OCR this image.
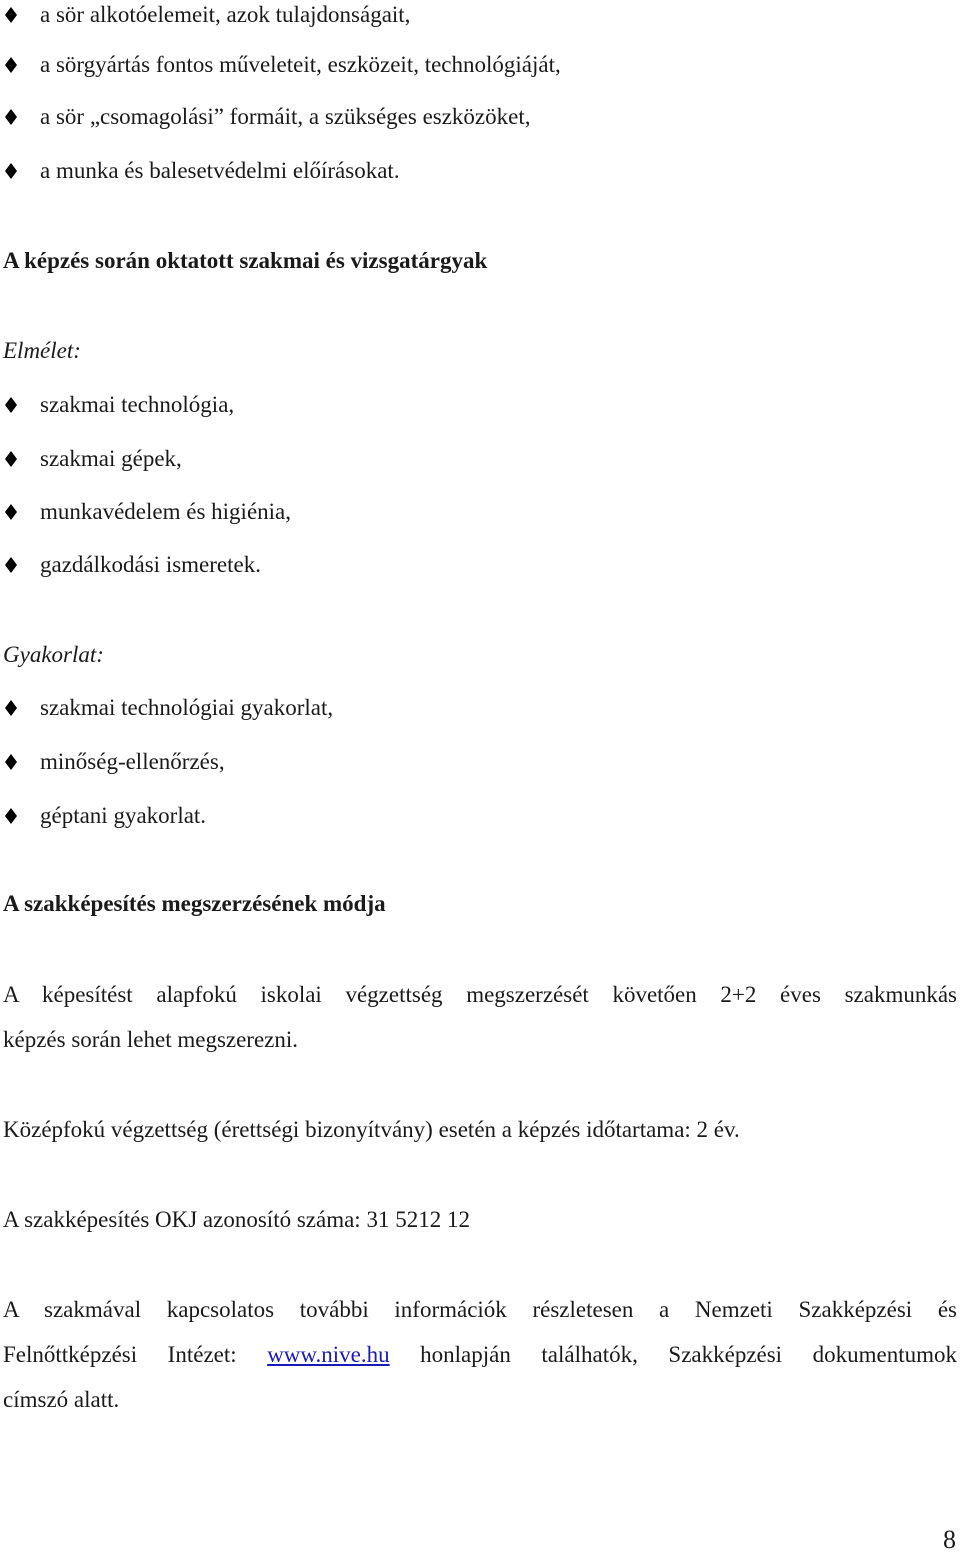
a sör alkotóelemeit, azok tulajdonságait,
a sörgyártás fontos műveleteit, eszközeit, technológiáját,
a sör „csomagolási” formáit, a szükséges eszközöket,
a munka és balesetvédelmi előírásokat.
A képzés során oktatott szakmai és vizsgatárgyak
Elmélet:
szakmai technológia,
szakmai gépek,
munkavédelem és higiénia,
gazdálkodási ismeretek.
Gyakorlat:
szakmai technológiai gyakorlat,
minőség-ellenőrzés,
géptani gyakorlat.
A szakképesítés megszerzésének módja
A képesítést alapfokú iskolai végzettség megszerzését követően 2+2 éves szakmunkás
képzés során lehet megszerezni.
Középfokú végzettség (érettségi bizonyítvány) esetén a képzés időtartama: 2 év.
A szakképesítés OKJ azonosító száma: 31 5212 12
A szakmával kapcsolatos további információk részletesen a Nemzeti Szakképzési és
Felnőttképzési Intézet: www.nive.hu honlapján találhatók, Szakképzési dokumentumok
címszó alatt.
8
